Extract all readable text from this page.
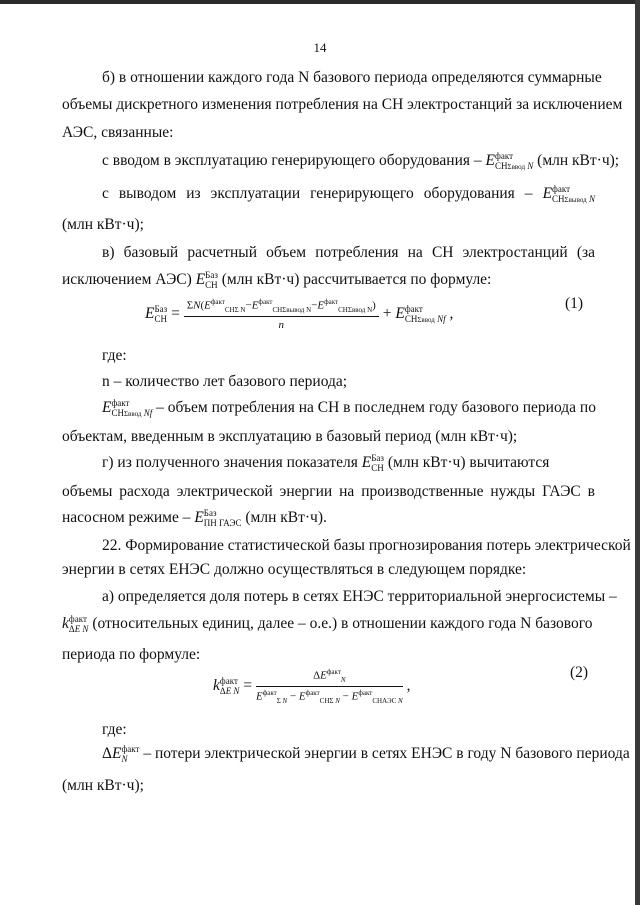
14
б) в отношении каждого года N базового периода определяются суммарные
объемы дискретного изменения потребления на СН электростанций за исключением
АЭС, связанные:
с вводом в эксплуатацию генерирующего оборудования – E факт
СНΣввод N (млн кВт·ч);
с выводом из эксплуатации генерирующего оборудования – E факт
СНΣвывод N
(млн кВт·ч);
в) базовый расчетный объем потребления на СН электростанций (за
исключением АЭС) E Баз
СН (млн кВт·ч) рассчитывается по формуле:
E Баз
СН = $\frac{\Sigma N(E^{факт}_{СН\Sigma N}-E^{факт}_{СН\Sigma вывод N}-E^{факт}_{СН\Sigma ввод N})}{n} + E$ факт
СНΣввод Nf ,
(1)
где:
n – количество лет базового периода;
E факт
СНΣввод Nf – объем потребления на СН в последнем году базового периода по
объектам, введенным в эксплуатацию в базовый период (млн кВт·ч);
г) из полученного значения показателя E Баз
СН (млн кВт·ч) вычитаются
объемы расхода электрической энергии на производственные нужды ГАЭС в
насосном режиме – E Баз
ПН ГАЭС (млн кВт·ч).
22. Формирование статистической базы прогнозирования потерь электрической
энергии в сетях ЕНЭС должно осуществляться в следующем порядке:
а) определяется доля потерь в сетях ЕНЭС территориальной энергосистемы –
k факт
ΔE N (относительных единиц, далее – о.е.) в отношении каждого года N базового
периода по формуле:
k факт
ΔE $N = \frac{\Delta E^{факт}_N}{E^{факт}_{\Sigma N} - E^{факт}_{СН\Sigma N} - E^{факт}_{СНАЭС N}}$ ,
(2)
где:
ΔE факт
N	– потери электрической энергии в сетях ЕНЭС в году N базового периода
(млн кВт·ч);
